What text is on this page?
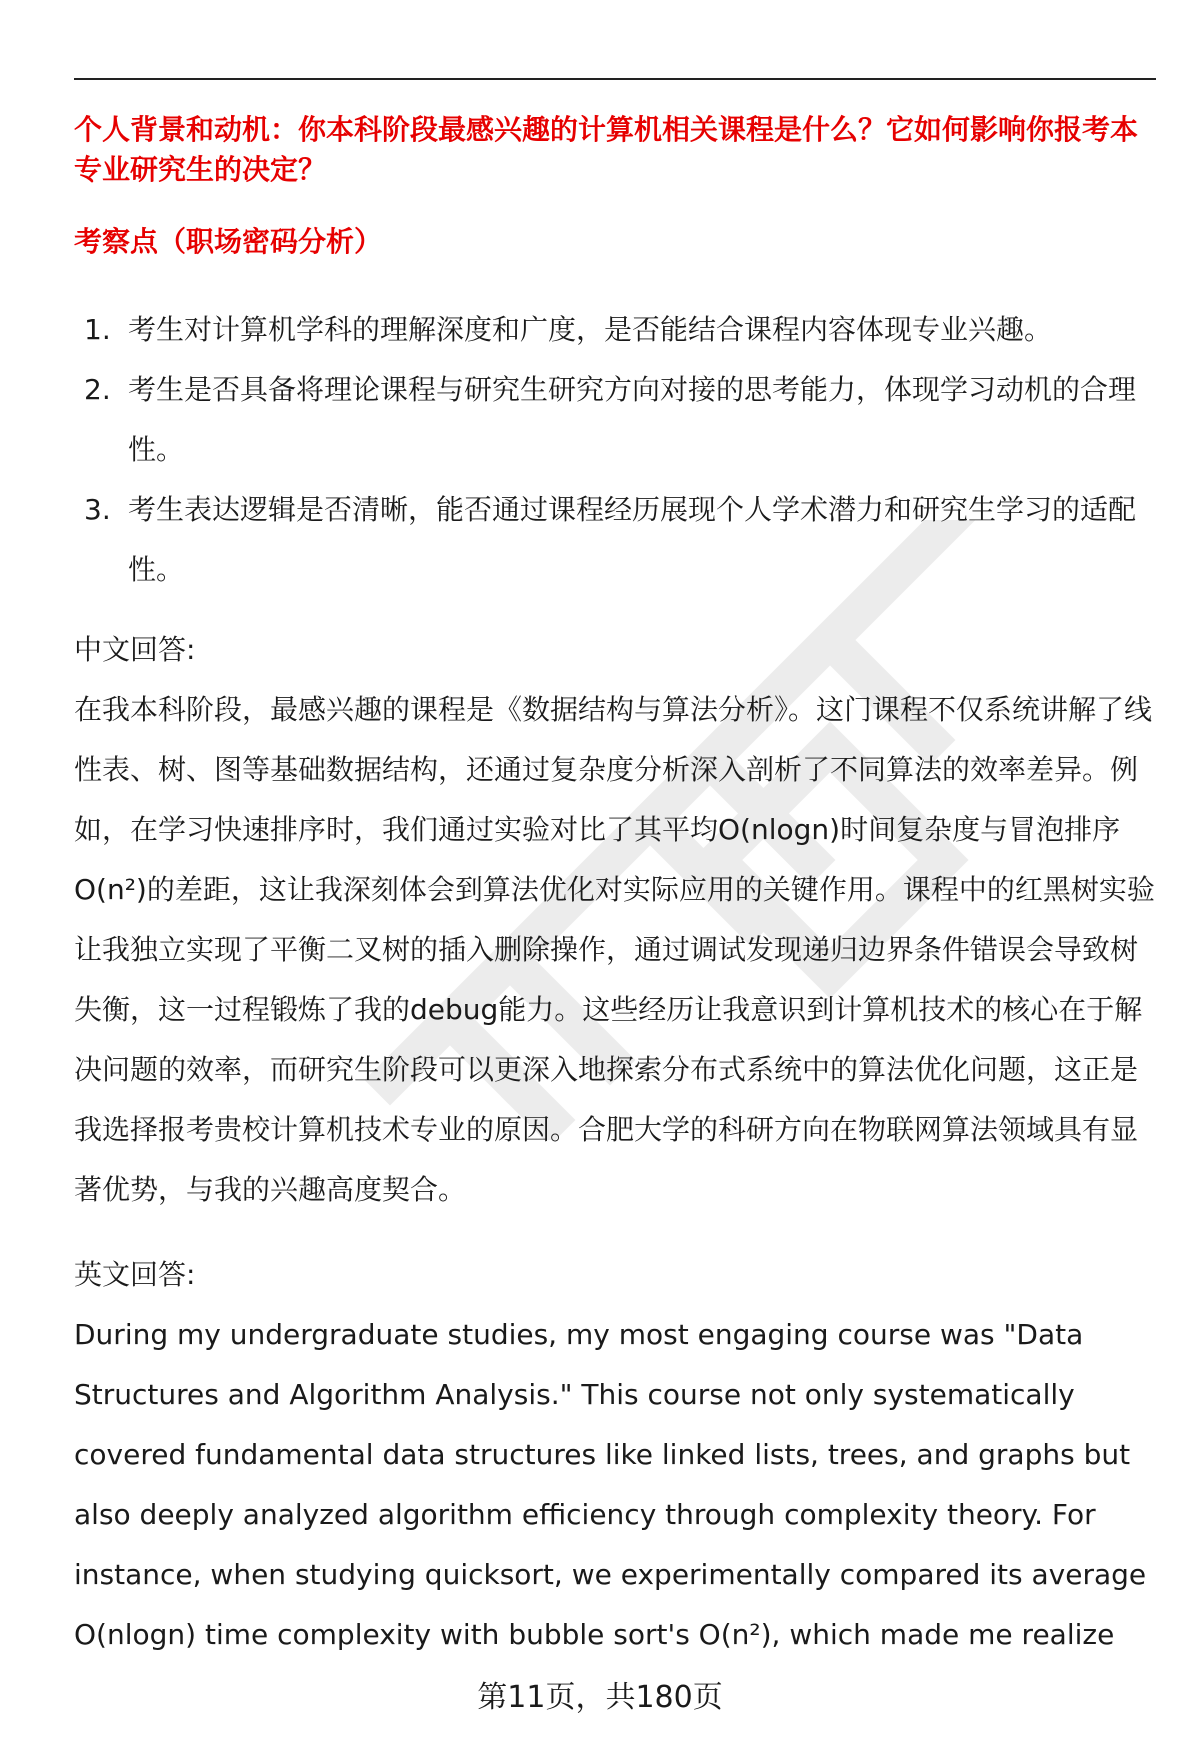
个人背景和动机：你本科阶段最感兴趣的计算机相关课程是什么？它如何影响你报考本专业研究生的决定？
考察点（职场密码分析）
1. 考生对计算机学科的理解深度和广度，是否能结合课程内容体现专业兴趣。
2. 考生是否具备将理论课程与研究生研究方向对接的思考能力，体现学习动机的合理性。
3. 考生表达逻辑是否清晰，能否通过课程经历展现个人学术潜力和研究生学习的适配性。
中文回答:
在我本科阶段，最感兴趣的课程是《数据结构与算法分析》。这门课程不仅系统讲解了线性表、树、图等基础数据结构，还通过复杂度分析深入剖析了不同算法的效率差异。例如，在学习快速排序时，我们通过实验对比了其平均O(nlogn)时间复杂度与冒泡排序O(n²)的差距，这让我深刻体会到算法优化对实际应用的关键作用。课程中的红黑树实验让我独立实现了平衡二叉树的插入删除操作，通过调试发现递归边界条件错误会导致树失衡，这一过程锻炼了我的debug能力。这些经历让我意识到计算机技术的核心在于解决问题的效率，而研究生阶段可以更深入地探索分布式系统中的算法优化问题，这正是我选择报考贵校计算机技术专业的原因。合肥大学的科研方向在物联网算法领域具有显著优势，与我的兴趣高度契合。
英文回答:
During my undergraduate studies, my most engaging course was "Data Structures and Algorithm Analysis." This course not only systematically covered fundamental data structures like linked lists, trees, and graphs but also deeply analyzed algorithm efficiency through complexity theory. For instance, when studying quicksort, we experimentally compared its average O(nlogn) time complexity with bubble sort's O(n²), which made me realize
第11页，共180页
